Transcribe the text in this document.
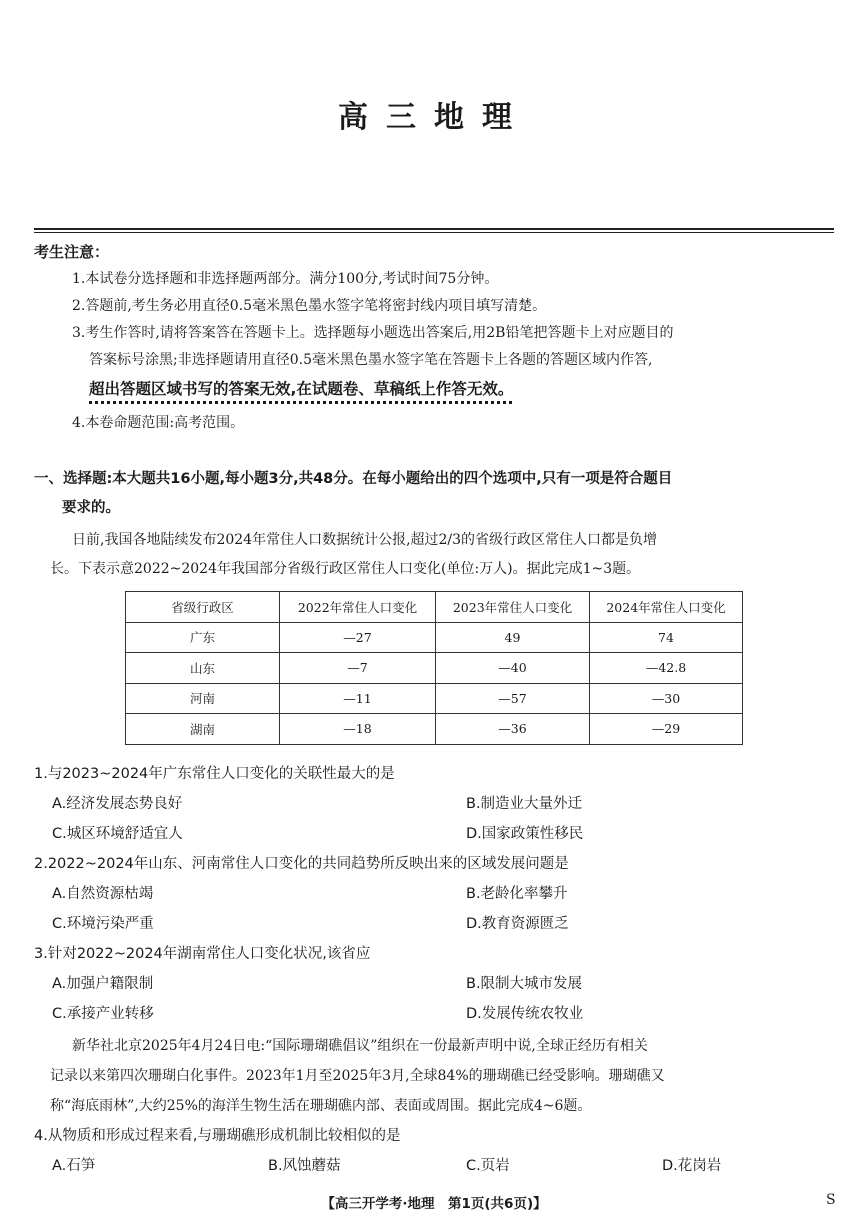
高三地理
考生注意：
1.本试卷分选择题和非选择题两部分。满分100分,考试时间75分钟。
2.答题前,考生务必用直径0.5毫米黑色墨水签字笔将密封线内项目填写清楚。
3.考生作答时,请将答案答在答题卡上。选择题每小题选出答案后,用2B铅笔把答题卡上对应题目的
答案标号涂黑;非选择题请用直径0.5毫米黑色墨水签字笔在答题卡上各题的答题区域内作答,
超出答题区域书写的答案无效,在试题卷、草稿纸上作答无效。
4.本卷命题范围:高考范围。
一、选择题:本大题共16小题,每小题3分,共48分。在每小题给出的四个选项中,只有一项是符合题目
要求的。
日前,我国各地陆续发布2024年常住人口数据统计公报,超过2/3的省级行政区常住人口都是负增
长。下表示意2022~2024年我国部分省级行政区常住人口变化(单位:万人)。据此完成1~3题。
省级行政区	2022年常住人口变化	2023年常住人口变化	2024年常住人口变化
广东	—27	49	74
山东	—7	—40	—42.8
河南	—11	—57	—30
湖南	—18	—36	—29
1.与2023~2024年广东常住人口变化的关联性最大的是
A.经济发展态势良好	B.制造业大量外迁
C.城区环境舒适宜人	D.国家政策性移民
2.2022~2024年山东、河南常住人口变化的共同趋势所反映出来的区域发展问题是
A.自然资源枯竭	B.老龄化率攀升
C.环境污染严重	D.教育资源匮乏
3.针对2022~2024年湖南常住人口变化状况,该省应
A.加强户籍限制	B.限制大城市发展
C.承接产业转移	D.发展传统农牧业
新华社北京2025年4月24日电:“国际珊瑚礁倡议”组织在一份最新声明中说,全球正经历有相关
记录以来第四次珊瑚白化事件。2023年1月至2025年3月,全球84%的珊瑚礁已经受影响。珊瑚礁又
称“海底雨林”,大约25%的海洋生物生活在珊瑚礁内部、表面或周围。据此完成4~6题。
4.从物质和形成过程来看,与珊瑚礁形成机制比较相似的是
A.石笋	B.风蚀蘑菇	C.页岩	D.花岗岩
【高三开学考·地理　第1页(共6页)】	S
